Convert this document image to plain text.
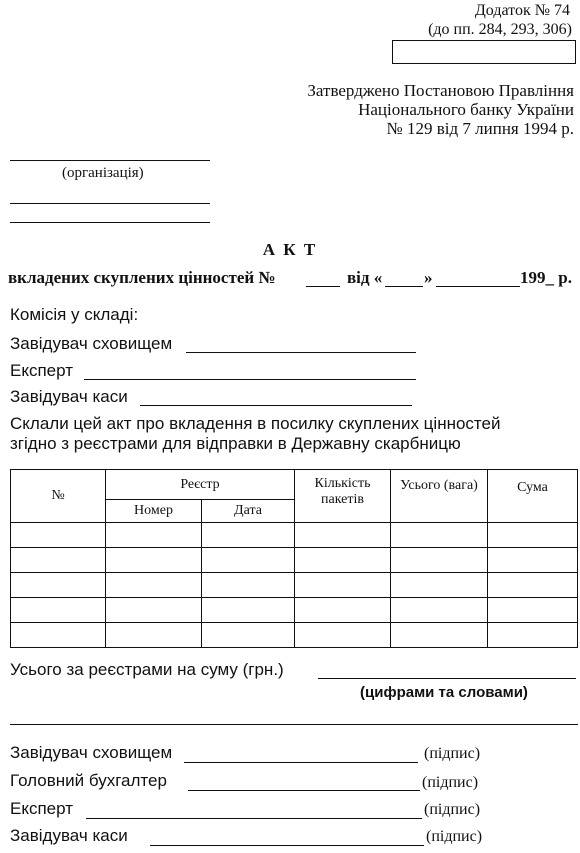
Додаток № 74
(до пп. 284, 293, 306)
Затверджено Постановою Правління
Національного банку України
№ 129 від 7 липня 1994 р.
(організація)
А К Т
вкладених скуплених цінностей №	від « »	199_ р.
Комісія у складі:
Завідувач сховищем
Експерт
Завідувач каси
Склали цей акт про вкладення в посилку скуплених цінностей
згідно з реєстрами для відправки в Державну скарбницю
№	Реєстр		Кількість пакетів	Усього (вага)	Сума
	Номер	Дата			

Усього за реєстрами на суму (грн.)
(цифрами та словами)
Завідувач сховищем	(підпис)
Головний бухгалтер	(підпис)
Експерт	(підпис)
Завідувач каси	(підпис)
